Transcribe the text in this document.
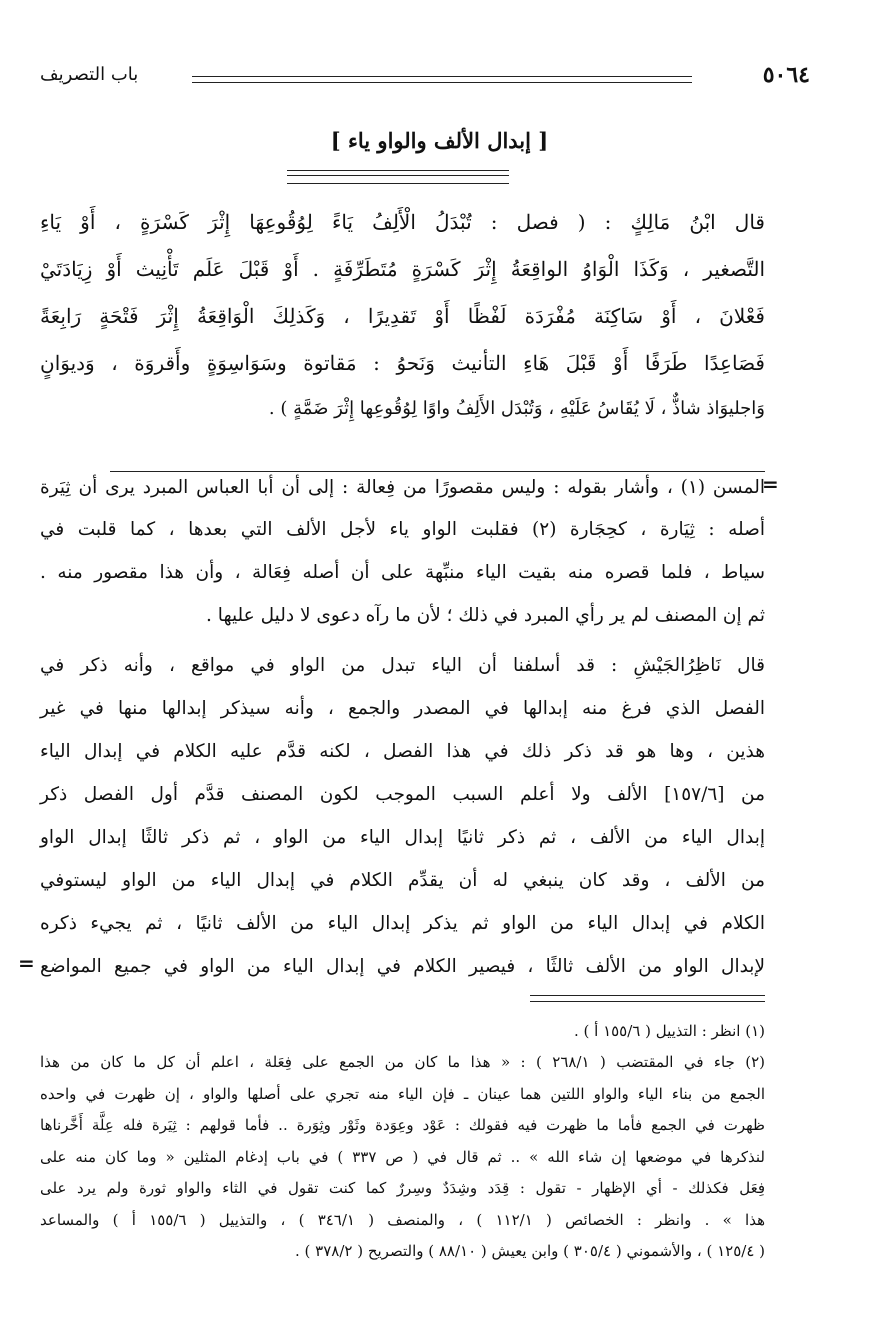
٥٠٦٤
باب التصريف
[ إبدال الألف والواو ياء ]
قال ابْنُ مَالِكٍ : ( فصل : تُبْدَلُ الْأَلِفُ يَاءً لِوُقُوعِهَا إِثْرَ كَسْرَةٍ ، أَوْ يَاءِ
التَّصغير ، وَكَذَا الْوَاوُ الواقِعَةُ إِثْرَ كَسْرَةٍ مُتَطَرِّفَةٍ . أَوْ قَبْلَ عَلَم تَأْنِيث أَوْ زِيَادَتَيْ
فَعْلانَ ، أَوْ سَاكِنَة مُفْرَدَة لَفْظًا أَوْ تَقدِيرًا ، وَكَذلِكَ الْوَاقِعَةُ إِثْرَ فَتْحَةٍ رَابِعَةً
فَصَاعِدًا طَرَفًا أَوْ قَبْلَ هَاءِ التأنيث وَنَحوُ : مَقاتوة وسَوَاسِوَةٍ وأَقروَة ، وَديوَانٍ
وَاجليوَاذ شاذٌّ ، لَا يُقَاسُ عَلَيْهِ ، وَتُبْدَل الأَلِفُ واوًا لِوُقُوعِها إِثْرَ ضَمَّةٍ ) .
المسن (١) ، وأشار بقوله : وليس مقصورًا من فِعالة : إلى أن أبا العباس المبرد يرى أن ثِيَرة
أصله : ثِيَارة ، كحِجَارة (٢) فقلبت الواو ياء لأجل الألف التي بعدها ، كما قلبت في
سياط ، فلما قصره منه بقيت الياء منبِّهة على أن أصله فِعَالة ، وأن هذا مقصور منه .
ثم إن المصنف لم ير رأي المبرد في ذلك ؛ لأن ما رآه دعوى لا دليل عليها .
قال نَاظِرُالجَيْشِ : قد أسلفنا أن الياء تبدل من الواو في مواقع ، وأنه ذكر في
الفصل الذي فرغ منه إبدالها في المصدر والجمع ، وأنه سيذكر إبدالها منها في غير
هذين ، وها هو قد ذكر ذلك في هذا الفصل ، لكنه قدَّم عليه الكلام في إبدال الياء
من [١٥٧/٦] الألف ولا أعلم السبب الموجب لكون المصنف قدَّم أول الفصل ذكر
إبدال الياء من الألف ، ثم ذكر ثانيًا إبدال الياء من الواو ، ثم ذكر ثالثًا إبدال الواو
من الألف ، وقد كان ينبغي له أن يقدِّم الكلام في إبدال الياء من الواو ليستوفي
الكلام في إبدال الياء من الواو ثم يذكر إبدال الياء من الألف ثانيًا ، ثم يجيء ذكره
لإبدال الواو من الألف ثالثًا ، فيصير الكلام في إبدال الياء من الواو في جميع المواضع
=
=
(١) انظر : التذييل ( ١٥٥/٦ أ ) .
(٢) جاء في المقتضب ( ٢٦٨/١ ) : « هذا ما كان من الجمع على فِعَلة ، اعلم أن كل ما كان من هذا
الجمع من بناء الياء والواو اللتين هما عينان ـ فإن الياء منه تجري على أصلها والواو ، إن ظهرت في واحده
ظهرت في الجمع فأما ما ظهرت فيه فقولك : عَوْد وعِوَدة وثَوْر وثِوَرة .. فأما قولهم : ثِيَرة فله عِلَّة أَخَّرناها
لنذكرها في موضعها إن شاء الله » .. ثم قال في ( ص ٣٣٧ ) في باب إدغام المثلين « وما كان منه على
فِعَل فكذلك - أي الإظهار - تقول : قِدَد وشِدَدٌ وسِررٌ كما كنت تقول في الثاء والواو ثورة ولم يرد على
هذا » . وانظر : الخصائص ( ١١٢/١ ) ، والمنصف ( ٣٤٦/١ ) ، والتذييل ( ١٥٥/٦ أ ) والمساعد
( ١٢٥/٤ ) ، والأشموني ( ٣٠٥/٤ ) وابن يعيش ( ٨٨/١٠ ) والتصريح ( ٣٧٨/٢ ) .
